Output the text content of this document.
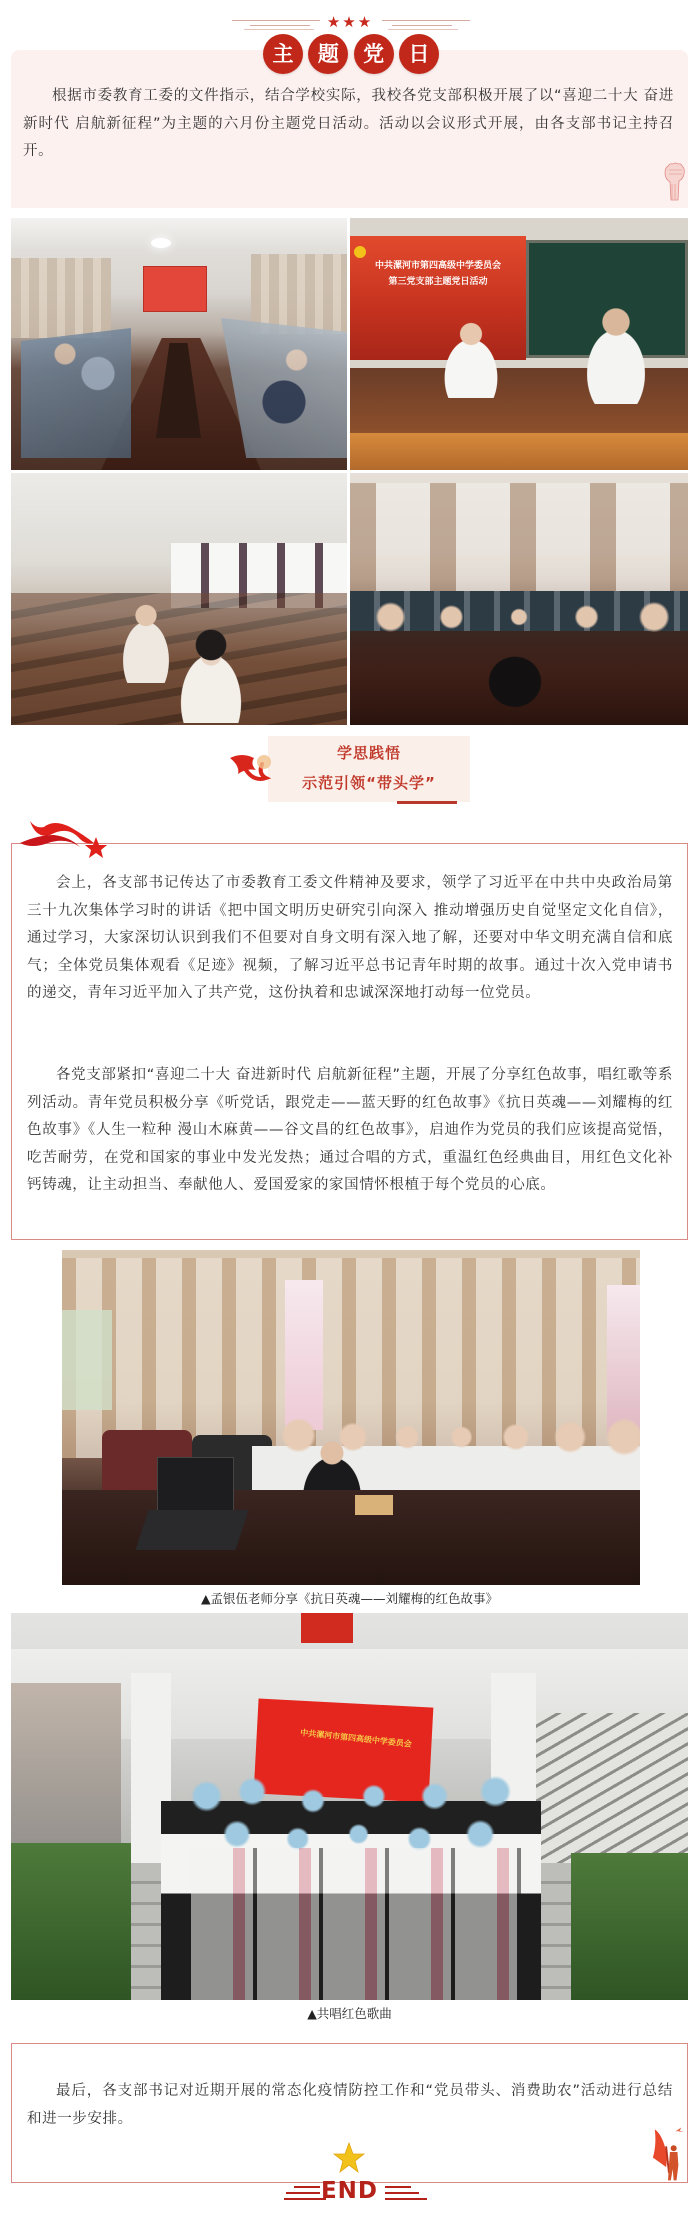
★★★
主	题	党	日

根据市委教育工委的文件指示，结合学校实际，我校各党支部积极开展了以“喜迎二十大 奋进新时代 启航新征程”为主题的六月份主题党日活动。活动以会议形式开展，由各支部书记主持召开。

中共漯河市第四高级中学委员会
第三党支部主题党日活动
学思践悟
示范引领“带头学”

会上，各支部书记传达了市委教育工委文件精神及要求，领学了习近平在中共中央政治局第三十九次集体学习时的讲话《把中国文明历史研究引向深入 推动增强历史自觉坚定文化自信》，通过学习，大家深切认识到我们不但要对自身文明有深入地了解，还要对中华文明充满自信和底气；全体党员集体观看《足迹》视频，了解习近平总书记青年时期的故事。通过十次入党申请书的递交，青年习近平加入了共产党，这份执着和忠诚深深地打动每一位党员。

各党支部紧扣“喜迎二十大 奋进新时代 启航新征程”主题，开展了分享红色故事，唱红歌等系列活动。青年党员积极分享《听党话，跟党走——蓝天野的红色故事》《抗日英魂——刘耀梅的红色故事》《人生一粒种 漫山木麻黄——谷文昌的红色故事》，启迪作为党员的我们应该提高觉悟，吃苦耐劳，在党和国家的事业中发光发热；通过合唱的方式，重温红色经典曲目，用红色文化补钙铸魂，让主动担当、奉献他人、爱国爱家的家国情怀根植于每个党员的心底。

▲孟银伍老师分享《抗日英魂——刘耀梅的红色故事》
中共漯河市第四高级中学委员会
▲共唱红色歌曲

最后，各支部书记对近期开展的常态化疫情防控工作和“党员带头、消费助农”活动进行总结和进一步安排。

END
